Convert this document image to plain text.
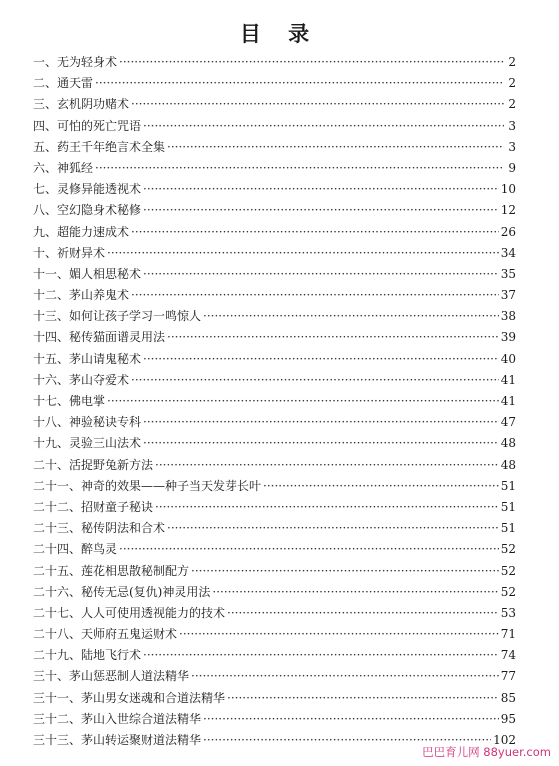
目 录
一、无为轻身术 ·····	2
二、通天雷 ·····	2
三、玄机阴功赌术 ·····	2
四、可怕的死亡咒语 ·····	3
五、药王千年绝言术全集 ·····	3
六、神狐经 ·····	9
七、灵修异能透视术 ·····	10
八、空幻隐身术秘修 ·····	12
九、超能力速成术 ·····	26
十、祈财异术 ·····	34
十一、媚人相思秘术 ·····	35
十二、茅山养鬼术 ·····	37
十三、如何让孩子学习一鸣惊人 ·····	38
十四、秘传猫面谱灵用法 ·····	39
十五、茅山请鬼秘术 ·····	40
十六、茅山夺爱术 ·····	41
十七、佛电掌 ·····	41
十八、神验秘诀专科 ·····	47
十九、灵验三山法术 ·····	48
二十、活捉野兔新方法 ·····	48
二十一、神奇的效果——种子当天发芽长叶 ·····	51
二十二、招财童子秘诀 ·····	51
二十三、秘传阴法和合术 ·····	51
二十四、醉鸟灵 ·····	52
二十五、莲花相思散秘制配方 ·····	52
二十六、秘传无忌(复仇)神灵用法 ·····	52
二十七、人人可使用透视能力的技术 ·····	53
二十八、天师府五鬼运财术 ·····	71
二十九、陆地飞行术 ·····	74
三十、茅山惩恶制人道法精华 ·····	77
三十一、茅山男女迷魂和合道法精华 ·····	85
三十二、茅山入世综合道法精华 ·····	95
三十三、茅山转运聚财道法精华 ·····	102
巴巴育儿网 88yuer.com
